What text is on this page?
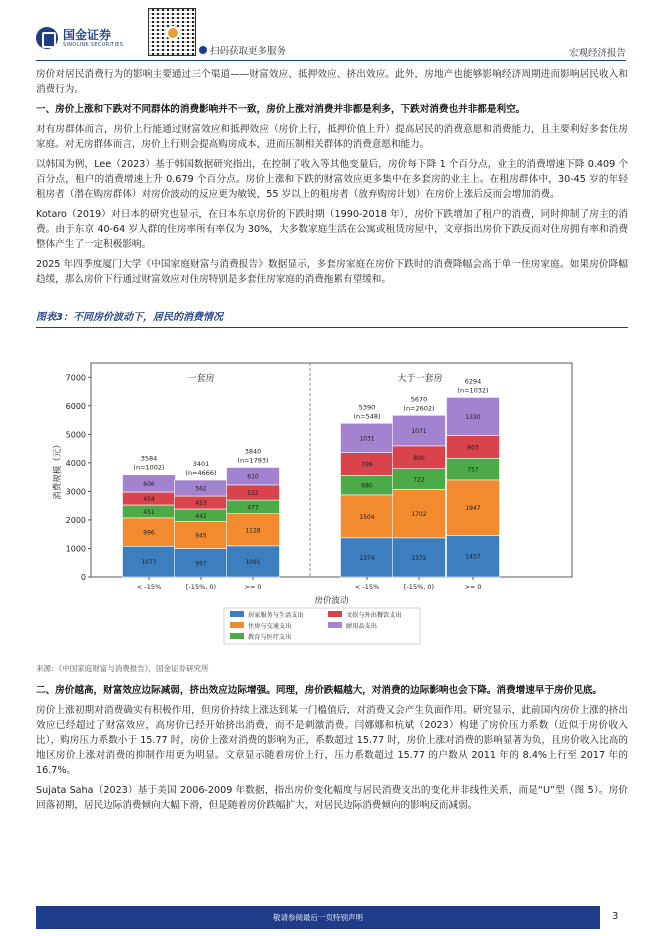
国金证券
SINOLINK SECURITIES
扫码获取更多服务	宏观经济报告

房价对居民消费行为的影响主要通过三个渠道——财富效应、抵押效应、挤出效应。此外，房地产也能够影响经济周期进而影响居民收入和消费行为。

一、房价上涨和下跌对不同群体的消费影响并不一致，房价上涨对消费并非都是利多，下跌对消费也并非都是利空。

对有房群体而言，房价上行能通过财富效应和抵押效应（房价上行，抵押价值上升）提高居民的消费意愿和消费能力，且主要利好多套住房家庭。对无房群体而言，房价上行则会提高购房成本，进而压制相关群体的消费意愿和能力。

以韩国为例，Lee（2023）基于韩国数据研究指出，在控制了收入等其他变量后，房价每下降 1 个百分点，业主的消费增速下降 0.409 个百分点，租户的消费增速上升 0.679 个百分点。房价上涨和下跌的财富效应更多集中在多套房的业主上。在租房群体中，30-45 岁的年轻租房者（潜在购房群体）对房价波动的反应更为敏锐，55 岁以上的租房者（放弃购房计划）在房价上涨后反而会增加消费。

Kotaro（2019）对日本的研究也显示，在日本东京房价的下跌时期（1990-2018 年），房价下跌增加了租户的消费，同时抑制了房主的消费。由于东京 40-64 岁人群的住房率所有率仅为 30%，大多数家庭生活在公寓或租赁房屋中，文章指出房价下跌反而对住房拥有率和消费整体产生了一定积极影响。

2025 年四季度厦门大学《中国家庭财富与消费报告》数据显示，多套房家庭在房价下跌时的消费降幅会高于单一住房家庭。如果房价降幅趋缓，那么房价下行通过财富效应对住房特别是多套住房家庭的消费拖累有望缓和。

图表3：不同房价波动下，居民的消费情况
0
1000
2000
3000
4000
5000
6000
7000
消费规模（元）
1077
996
451
454
606
3584
(n=1002)
< -15%
997
945
442
453
562
3401
(n=4666)
[-15%, 0)
1091
1128
477
532
610
3840
(n=1793)
>= 0
1374
1504
680
799
1031
5390
(n=548)
< -15%
1372
1702
722
800
1071
5670
(n=2602)
[-15%, 0)
1457
1947
757
803
1330
6294
(n=1032)
>= 0
一套房	大于一套房
房价波动
居家服务与生活支出
住房与交通支出
教育与医疗支出
文娱与外出餐饮支出
耐用品支出
来源：《中国家庭财富与消费报告》，国金证券研究所

二、房价越高，财富效应边际减弱，挤出效应边际增强。同理，房价跌幅越大，对消费的边际影响也会下降。消费增速早于房价见底。

房价上涨初期对消费确实有积极作用，但房价持续上涨达到某一门槛值后，对消费又会产生负面作用。研究显示，此前国内房价上涨的挤出效应已经超过了财富效应，高房价已经开始挤出消费，而不是刺激消费。闫娜娜和杭斌（2023）构建了房价压力系数（近似于房价收入比），购房压力系数小于 15.77 时，房价上涨对消费的影响为正，系数超过 15.77 时，房价上涨对消费的影响显著为负，且房价收入比高的地区房价上涨对消费的抑制作用更为明显。文章显示随着房价上行，压力系数超过 15.77 的户数从 2011 年的 8.4%上行至 2017 年的 16.7%。

Sujata Saha（2023）基于美国 2006-2009 年数据，指出房价变化幅度与居民消费支出的变化并非线性关系，而是“U”型（图 5）。房价回落初期，居民边际消费倾向大幅下滑，但是随着房价跌幅扩大，对居民边际消费倾向的影响反而减弱。

敬请参阅最后一页特别声明	3
